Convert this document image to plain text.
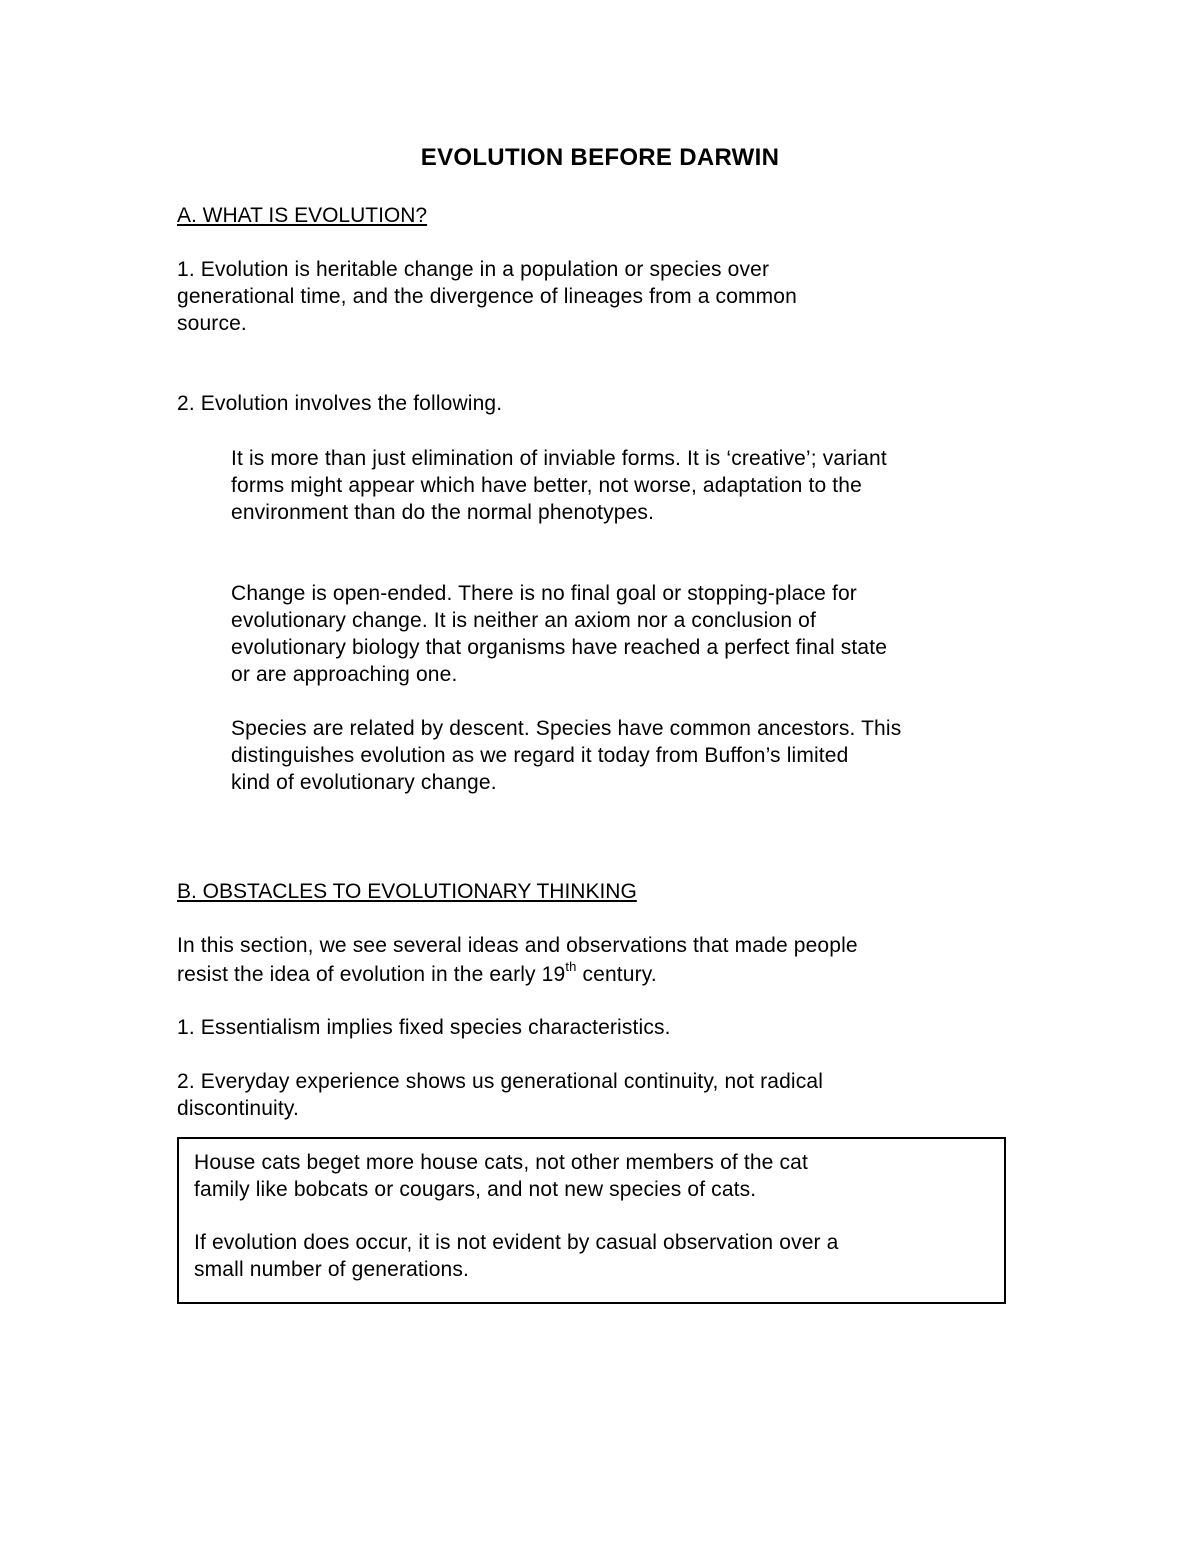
EVOLUTION BEFORE DARWIN
A. WHAT IS EVOLUTION?
1. Evolution is heritable change in a population or species over
generational time, and the divergence of lineages from a common
source.
2. Evolution involves the following.
It is more than just elimination of inviable forms. It is ‘creative’; variant
forms might appear which have better, not worse, adaptation to the
environment than do the normal phenotypes.
Change is open-ended. There is no final goal or stopping-place for
evolutionary change. It is neither an axiom nor a conclusion of
evolutionary biology that organisms have reached a perfect final state
or are approaching one.
Species are related by descent. Species have common ancestors. This
distinguishes evolution as we regard it today from Buffon’s limited
kind of evolutionary change.
B. OBSTACLES TO EVOLUTIONARY THINKING
In this section, we see several ideas and observations that made people
resist the idea of evolution in the early 19th century.
1. Essentialism implies fixed species characteristics.
2. Everyday experience shows us generational continuity, not radical
discontinuity.
House cats beget more house cats, not other members of the cat
family like bobcats or cougars, and not new species of cats.
If evolution does occur, it is not evident by casual observation over a
small number of generations.
